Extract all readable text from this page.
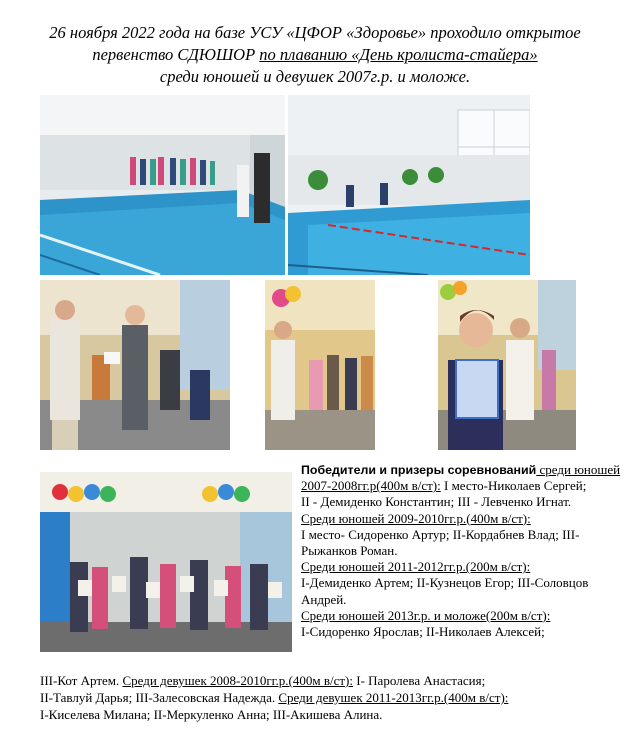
26 ноября 2022 года на базе УСУ «ЦФОР «Здоровье» проходило открытое
первенство СДЮШОР по плаванию «День кролиста-стайера»
среди юношей и девушек 2007г.р. и моложе.
Победители и призеры соревнований среди юношей 2007-2008гг.р(400м в/ст): I место-Николаев Сергей;
II - Демиденко Константин; III - Левченко Игнат.
Среди юношей 2009-2010гг.р.(400м в/ст):
I место- Сидоренко Артур; II-Кордабнев Влад; III- Рыжанков Роман.
Среди юношей 2011-2012гг.р.(200м в/ст):
I-Демиденко Артем; II-Кузнецов Егор; III-Соловцов Андрей.
Среди юношей 2013г.р. и моложе(200м в/ст):
I-Сидоренко Ярослав; II-Николаев Алексей;
III-Кот Артем. Среди девушек 2008-2010гг.р.(400м в/ст): I- Паролева Анастасия;
II-Тавлуй Дарья; III-Залесовская Надежда. Среди девушек 2011-2013гг.р.(400м в/ст):
I-Киселева Милана; II-Меркуленко Анна; III-Акишева Алина.
